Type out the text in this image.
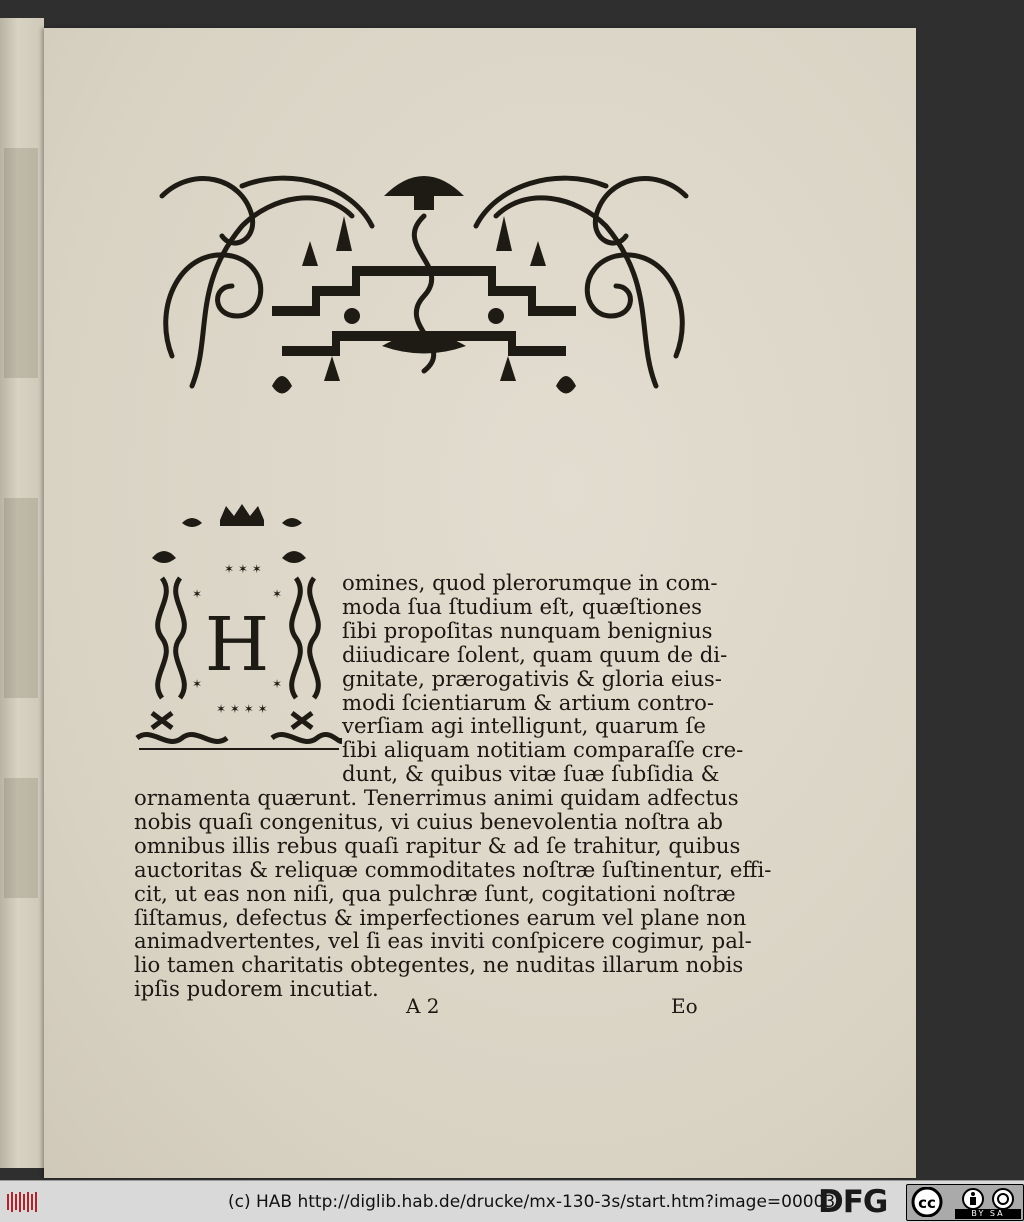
✶ ✶ ✶
✶	✶
✶	✶
✶ ✶ ✶ ✶
H
omines, quod plerorumque in com-
moda ſua ſtudium eſt, quæſtiones
ſibi propoſitas nunquam benignius
diiudicare ſolent, quam quum de di-
gnitate, prærogativis & gloria eius-
modi ſcientiarum & artium contro-
verſiam agi intelligunt, quarum ſe
ſibi aliquam notitiam comparaſſe cre-
dunt, & quibus vitæ ſuæ ſubſidia &
ornamenta quærunt. Tenerrimus animi quidam adfectus
nobis quaſi congenitus, vi cuius benevolentia noſtra ab
omnibus illis rebus quaſi rapitur & ad ſe trahitur, quibus
auctoritas & reliquæ commoditates noſtræ ſuſtinentur, effi-
cit, ut eas non niſi, qua pulchræ ſunt, cogitationi noſtræ
ſiſtamus, defectus & imperfectiones earum vel plane non
animadvertentes, vel ſi eas inviti conſpicere cogimur, pal-
lio tamen charitatis obtegentes, ne nuditas illarum nobis
ipſis pudorem incutiat.
A 2	Eo
(c) HAB http://diglib.hab.de/drucke/mx-130-3s/start.htm?image=00003
DFG cc
BY SA
